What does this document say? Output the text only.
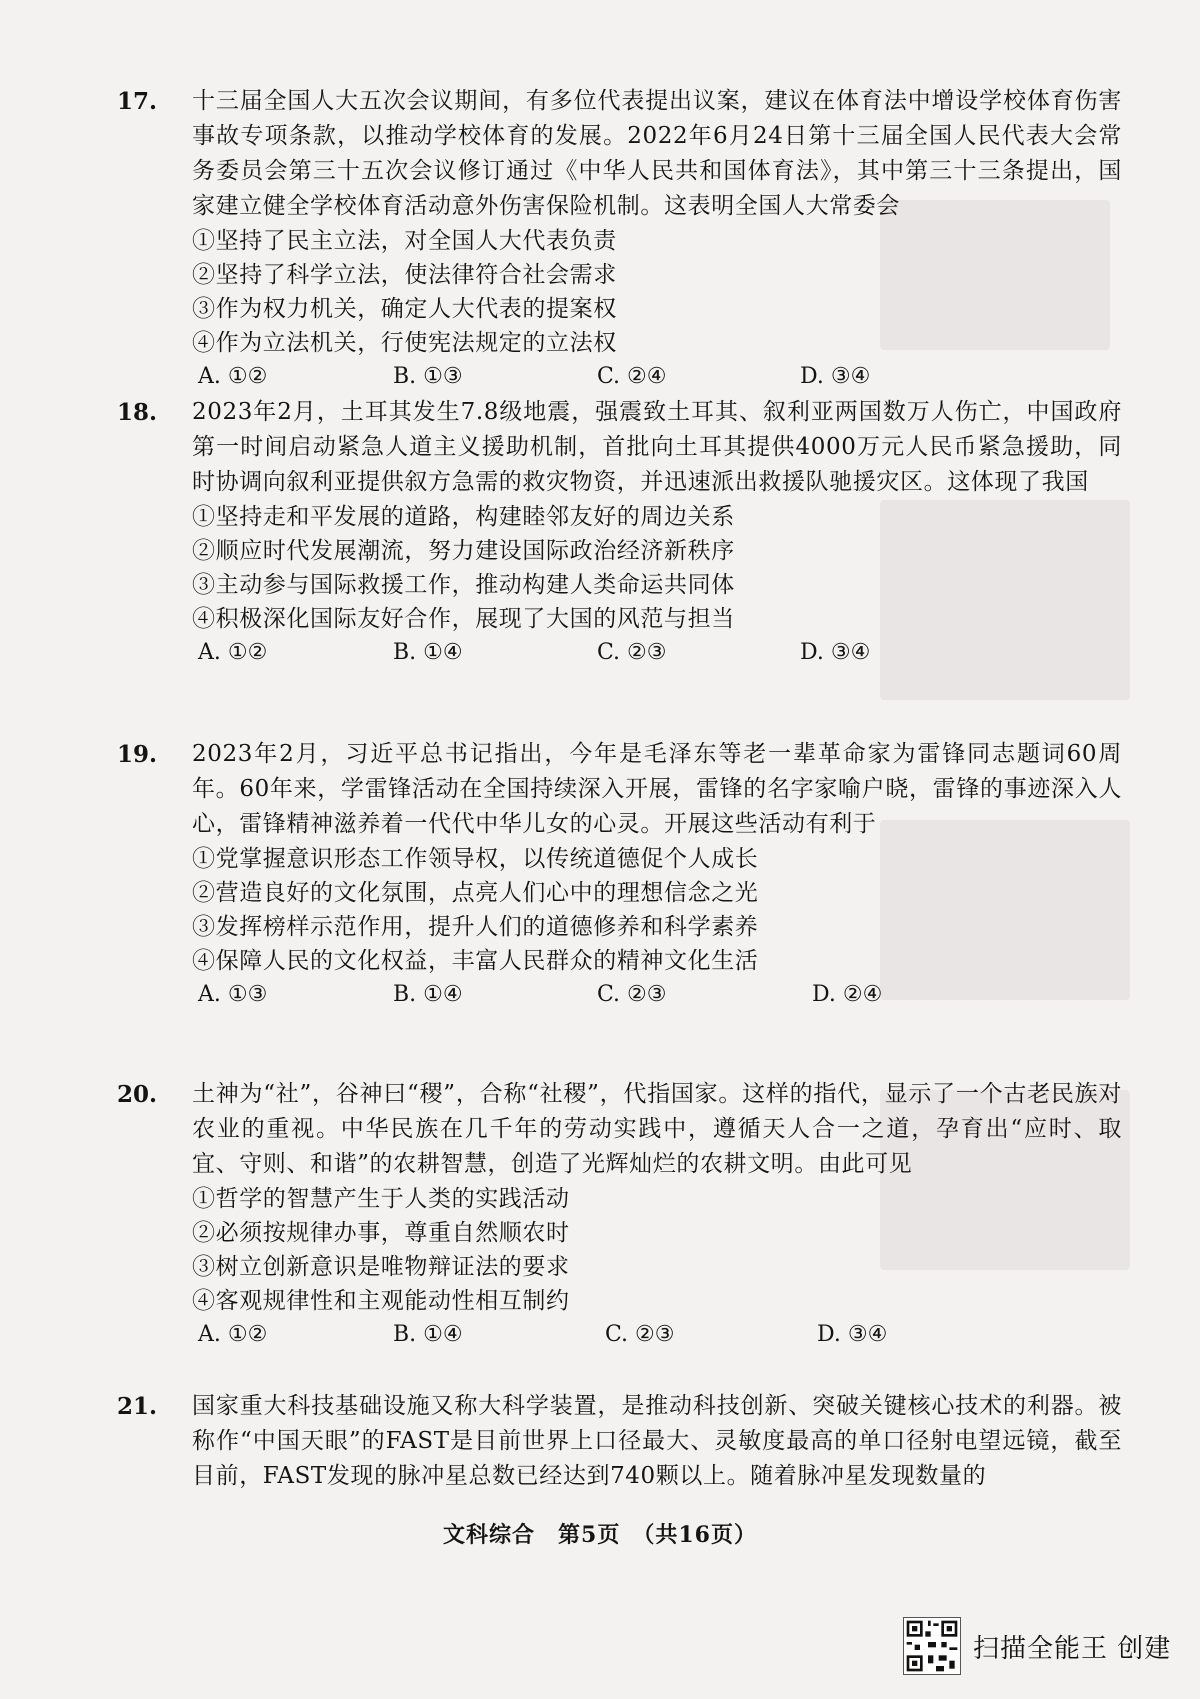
17. 十三届全国人大五次会议期间，有多位代表提出议案，建议在体育法中增设学校体育伤害事故专项条款，以推动学校体育的发展。2022年6月24日第十三届全国人民代表大会常务委员会第三十五次会议修订通过《中华人民共和国体育法》，其中第三十三条提出，国家建立健全学校体育活动意外伤害保险机制。这表明全国人大常委会
①坚持了民主立法，对全国人大代表负责
②坚持了科学立法，使法律符合社会需求
③作为权力机关，确定人大代表的提案权
④作为立法机关，行使宪法规定的立法权
A. ①②	B. ①③	C. ②④	D. ③④
18. 2023年2月，土耳其发生7.8级地震，强震致土耳其、叙利亚两国数万人伤亡，中国政府第一时间启动紧急人道主义援助机制，首批向土耳其提供4000万元人民币紧急援助，同时协调向叙利亚提供叙方急需的救灾物资，并迅速派出救援队驰援灾区。这体现了我国
①坚持走和平发展的道路，构建睦邻友好的周边关系
②顺应时代发展潮流，努力建设国际政治经济新秩序
③主动参与国际救援工作，推动构建人类命运共同体
④积极深化国际友好合作，展现了大国的风范与担当
A. ①②	B. ①④	C. ②③	D. ③④
19. 2023年2月，习近平总书记指出，今年是毛泽东等老一辈革命家为雷锋同志题词60周年。60年来，学雷锋活动在全国持续深入开展，雷锋的名字家喻户晓，雷锋的事迹深入人心，雷锋精神滋养着一代代中华儿女的心灵。开展这些活动有利于
①党掌握意识形态工作领导权，以传统道德促个人成长
②营造良好的文化氛围，点亮人们心中的理想信念之光
③发挥榜样示范作用，提升人们的道德修养和科学素养
④保障人民的文化权益，丰富人民群众的精神文化生活
A. ①③	B. ①④	C. ②③	D. ②④
20. 土神为“社”，谷神曰“稷”，合称“社稷”，代指国家。这样的指代，显示了一个古老民族对农业的重视。中华民族在几千年的劳动实践中，遵循天人合一之道，孕育出“应时、取宜、守则、和谐”的农耕智慧，创造了光辉灿烂的农耕文明。由此可见
①哲学的智慧产生于人类的实践活动
②必须按规律办事，尊重自然顺农时
③树立创新意识是唯物辩证法的要求
④客观规律性和主观能动性相互制约
A. ①②	B. ①④	C. ②③	D. ③④
21. 国家重大科技基础设施又称大科学装置，是推动科技创新、突破关键核心技术的利器。被称作“中国天眼”的FAST是目前世界上口径最大、灵敏度最高的单口径射电望远镜，截至目前，FAST发现的脉冲星总数已经达到740颗以上。随着脉冲星发现数量的
文科综合　第5页　（共16页）
扫描全能王 创建
